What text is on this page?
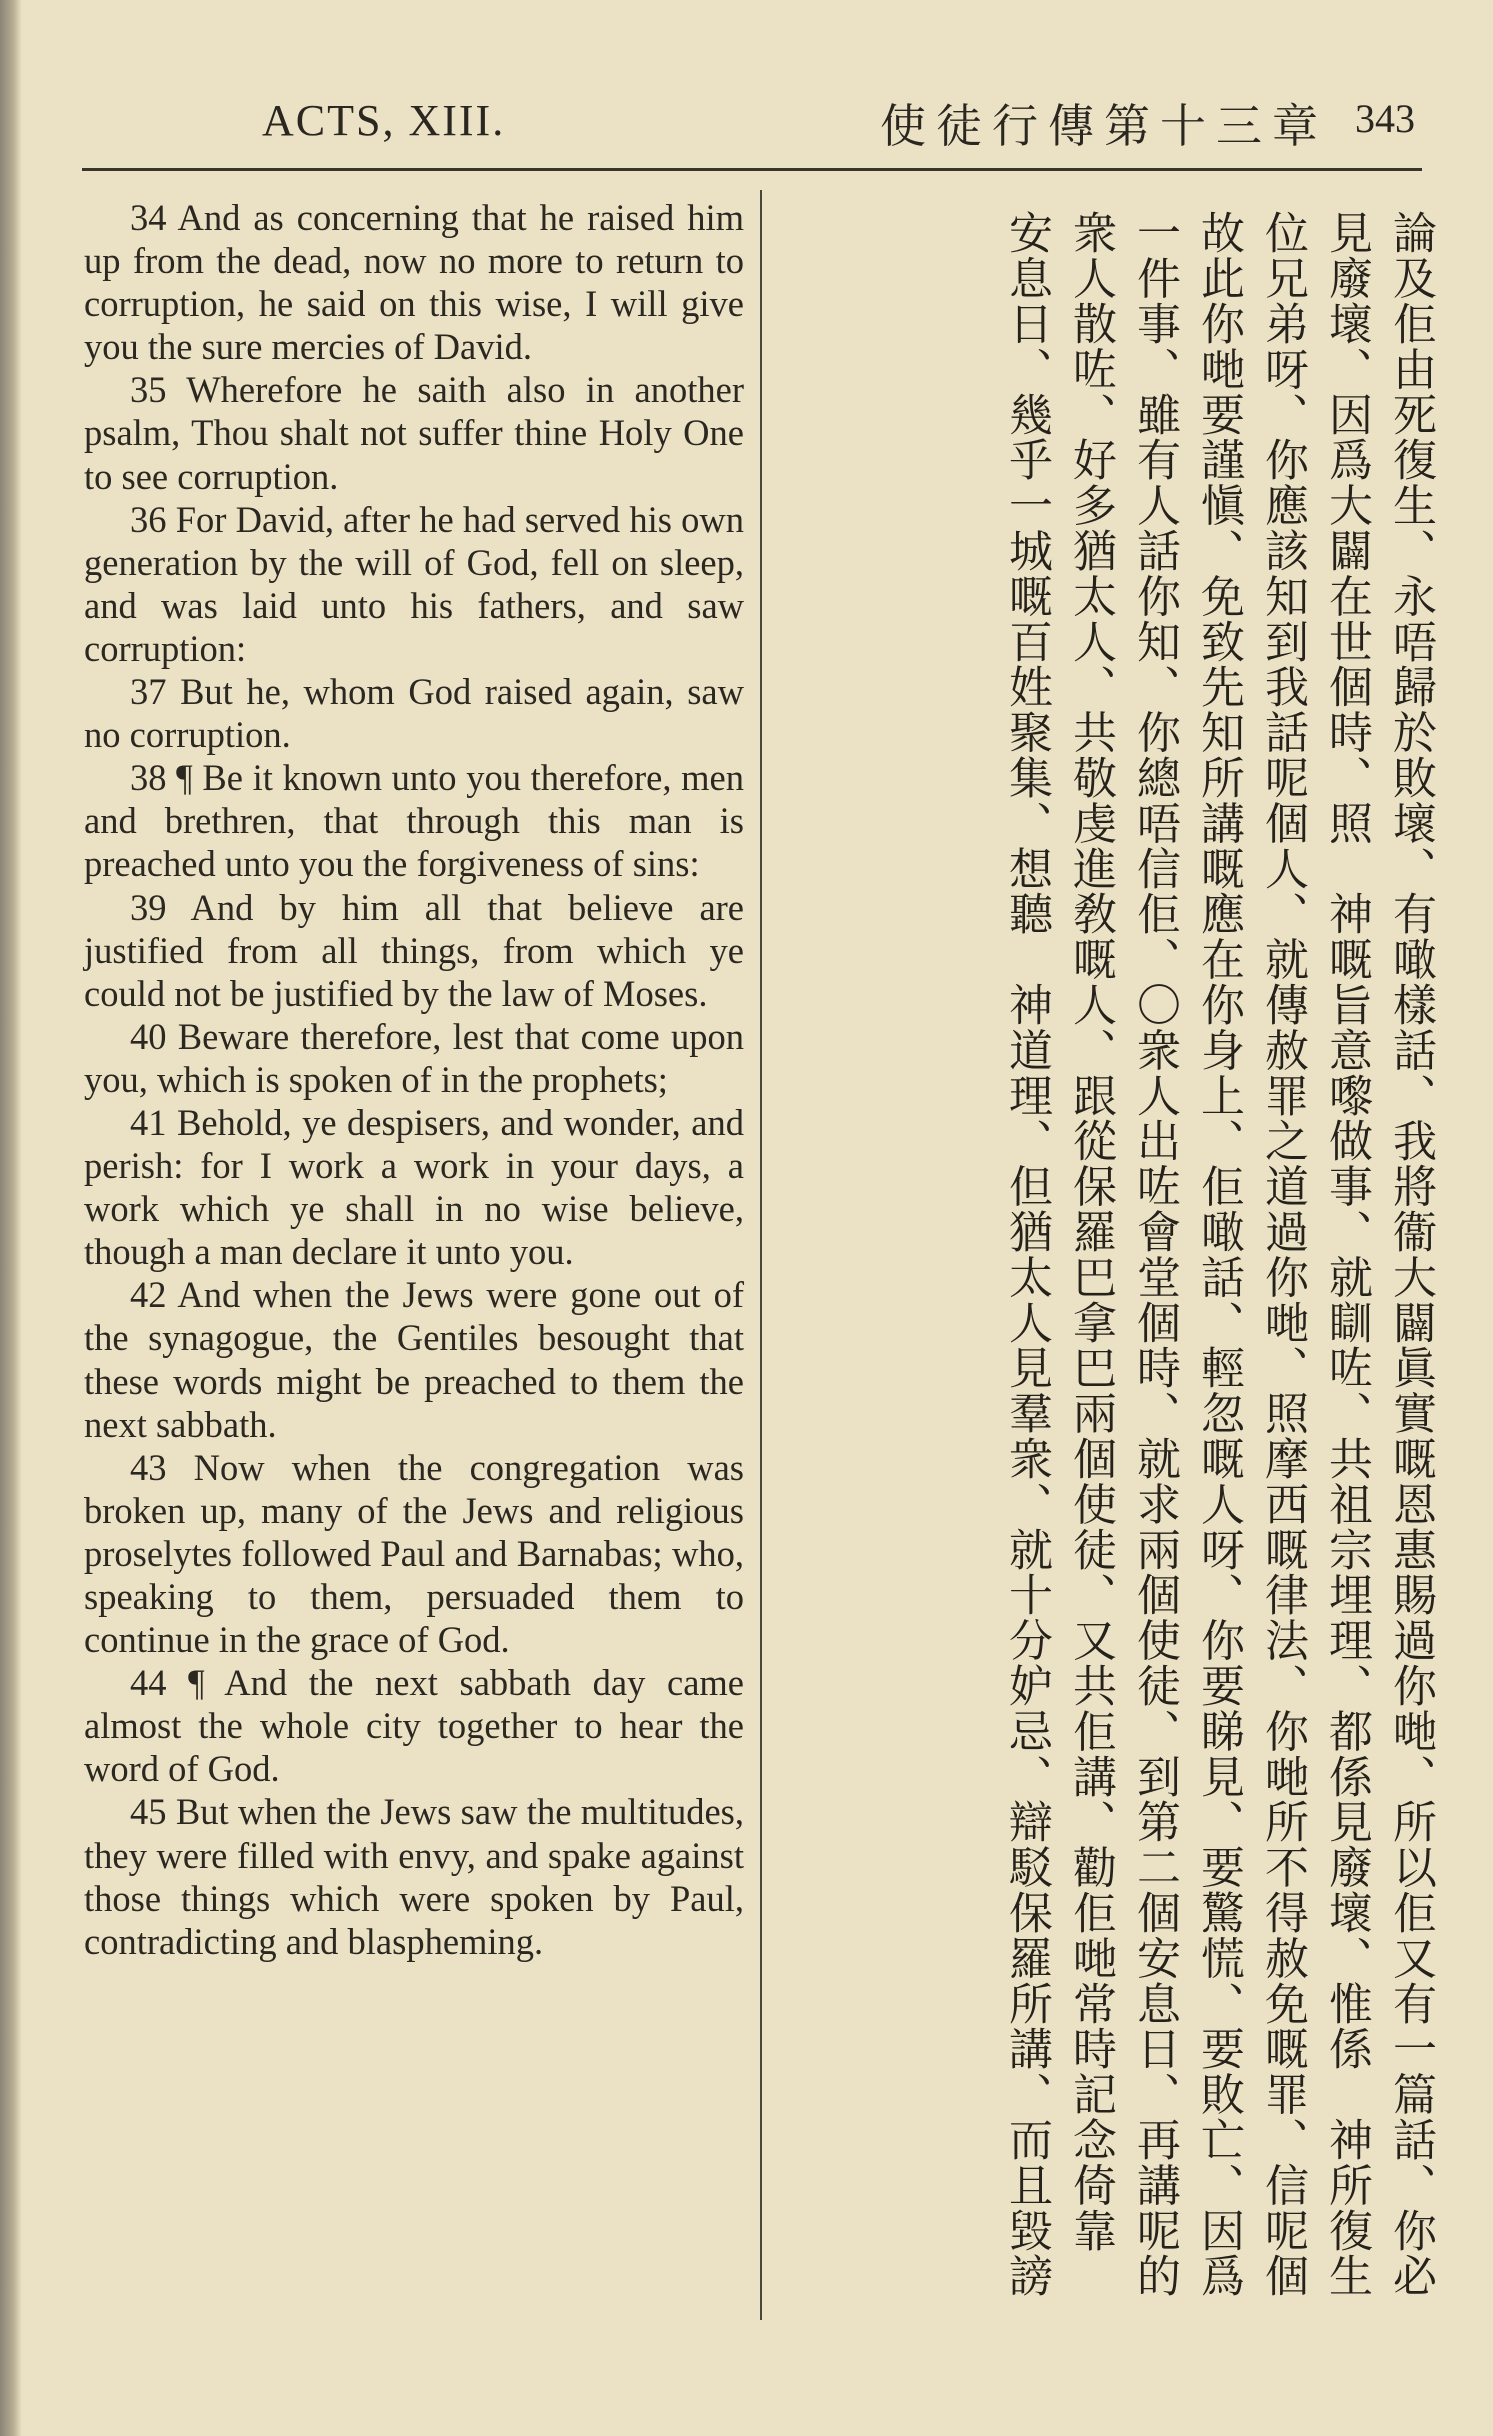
ACTS, XIII.	使徒行傳第十三章 343

34 And as concerning that he raised him up from the dead, now no more to return to corruption, he said on this wise, I will give you the sure mercies of David.

35 Wherefore he saith also in another psalm, Thou shalt not suffer thine Holy One to see corruption.

36 For David, after he had served his own generation by the will of God, fell on sleep, and was laid unto his fathers, and saw corruption:

37 But he, whom God raised again, saw no corruption.

38 ¶ Be it known unto you therefore, men and brethren, that through this man is preached unto you the forgiveness of sins:

39 And by him all that believe are justified from all things, from which ye could not be justified by the law of Moses.

40 Beware therefore, lest that come upon you, which is spoken of in the prophets;

41 Behold, ye despisers, and wonder, and perish: for I work a work in your days, a work which ye shall in no wise believe, though a man declare it unto you.

42 And when the Jews were gone out of the synagogue, the Gentiles besought that these words might be preached to them the next sabbath.

43 Now when the congregation was broken up, many of the Jews and religious proselytes followed Paul and Barnabas; who, speaking to them, persuaded them to continue in the grace of God.

44 ¶ And the next sabbath day came almost the whole city together to hear the word of God.

45 But when the Jews saw the multitudes, they were filled with envy, and spake against those things which were spoken by Paul, contradicting and blaspheming.

論及佢由死復生、永唔歸於敗壞、有噉樣話、我將衞大闢眞實嘅恩惠賜過你哋、所以佢又有一篇話、你必
見廢壞、因爲大闢在世個時、照　神嘅旨意嚟做事、就瞓咗、共祖宗埋理、都係見廢壞、惟係　神所復生
位兄弟呀、你應該知到我話呢個人、就傳赦罪之道過你哋、照摩西嘅律法、你哋所不得赦免嘅罪、信呢個
故此你哋要謹愼、免致先知所講嘅應在你身上、佢噉話、輕忽嘅人呀、你要睇見、要驚慌、要敗亡、因爲
一件事、雖有人話你知、你總唔信佢、〇衆人出咗會堂個時、就求兩個使徒、到第二個安息日、再講呢的
衆人散咗、好多猶太人、共敬虔進敎嘅人、跟從保羅巴拿巴兩個使徒、又共佢講、勸佢哋常時記念倚靠　
安息日、幾乎一城嘅百姓聚集、想聽　神道理、但猶太人見羣衆、就十分妒忌、辯駁保羅所講、而且毀謗
